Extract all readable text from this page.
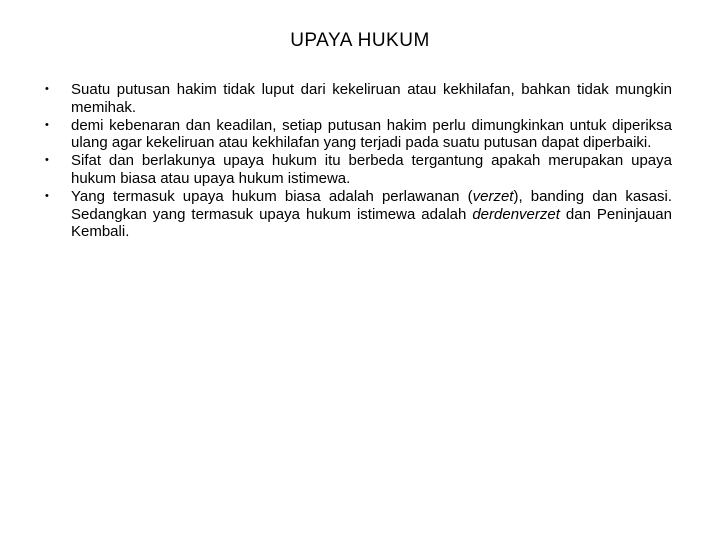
UPAYA HUKUM
• Suatu putusan hakim tidak luput dari kekeliruan atau kekhilafan, bahkan tidak mungkin memihak.
• demi kebenaran dan keadilan, setiap putusan hakim perlu dimungkinkan untuk diperiksa ulang agar kekeliruan atau kekhilafan yang terjadi pada suatu putusan dapat diperbaiki.
• Sifat dan berlakunya upaya hukum itu berbeda tergantung apakah merupakan upaya hukum biasa atau upaya hukum istimewa.
• Yang termasuk upaya hukum biasa adalah perlawanan (verzet), banding dan kasasi. Sedangkan yang termasuk upaya hukum istimewa adalah derdenverzet dan Peninjauan Kembali.
